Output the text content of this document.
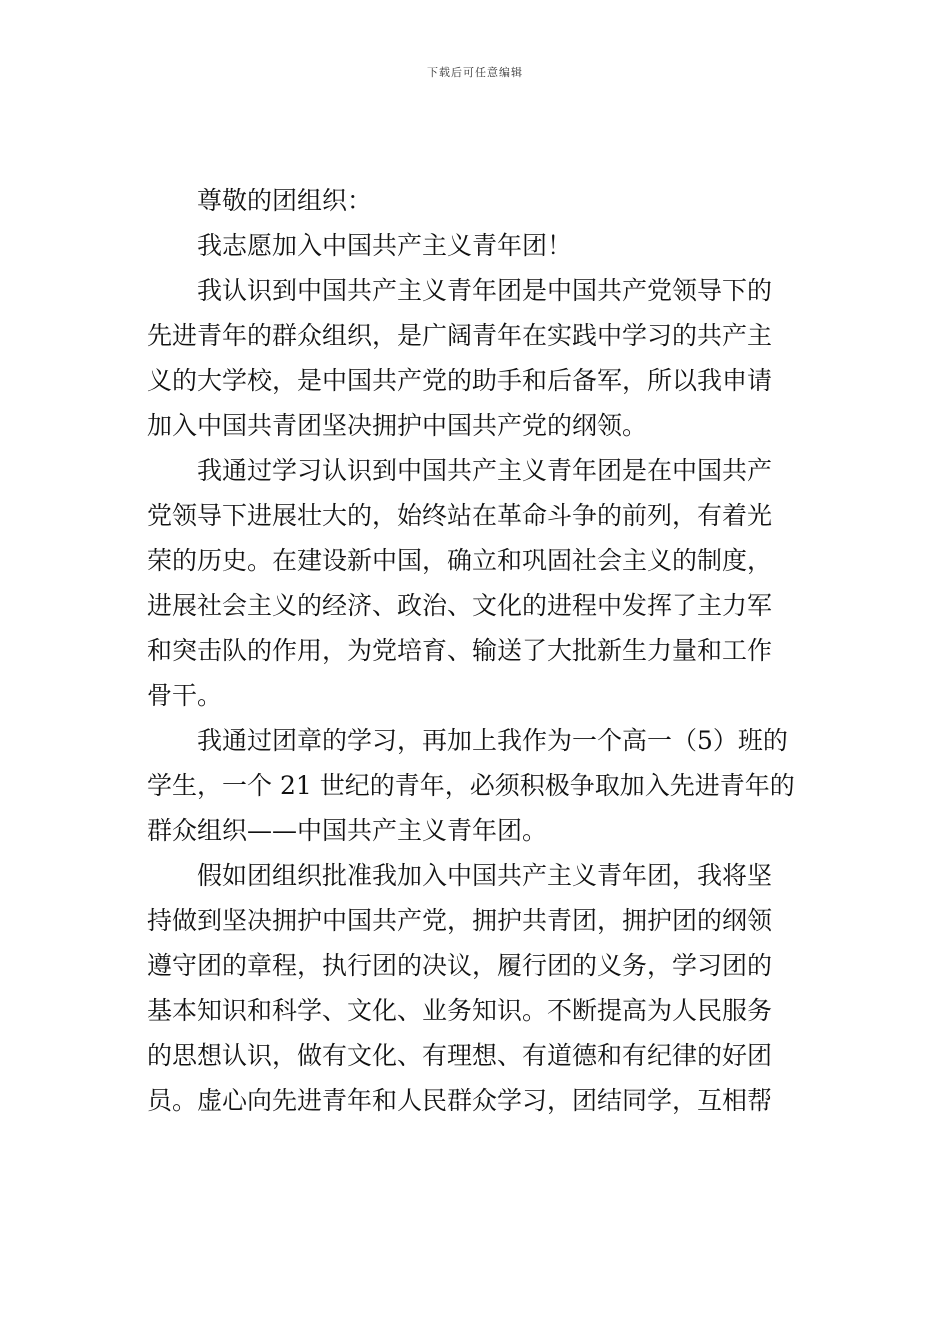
下载后可任意编辑

尊敬的团组织：

我志愿加入中国共产主义青年团！

我认识到中国共产主义青年团是中国共产党领导下的
先进青年的群众组织，是广阔青年在实践中学习的共产主
义的大学校，是中国共产党的助手和后备军，所以我申请
加入中国共青团坚决拥护中国共产党的纲领。

我通过学习认识到中国共产主义青年团是在中国共产
党领导下进展壮大的，始终站在革命斗争的前列，有着光
荣的历史。在建设新中国，确立和巩固社会主义的制度，
进展社会主义的经济、政治、文化的进程中发挥了主力军
和突击队的作用，为党培育、输送了大批新生力量和工作
骨干。

我通过团章的学习，再加上我作为一个高一（5）班的
学生，一个 21 世纪的青年，必须积极争取加入先进青年的
群众组织——中国共产主义青年团。

假如团组织批准我加入中国共产主义青年团，我将坚
持做到坚决拥护中国共产党，拥护共青团，拥护团的纲领
遵守团的章程，执行团的决议，履行团的义务，学习团的
基本知识和科学、文化、业务知识。不断提高为人民服务
的思想认识，做有文化、有理想、有道德和有纪律的好团
员。虚心向先进青年和人民群众学习，团结同学，互相帮
